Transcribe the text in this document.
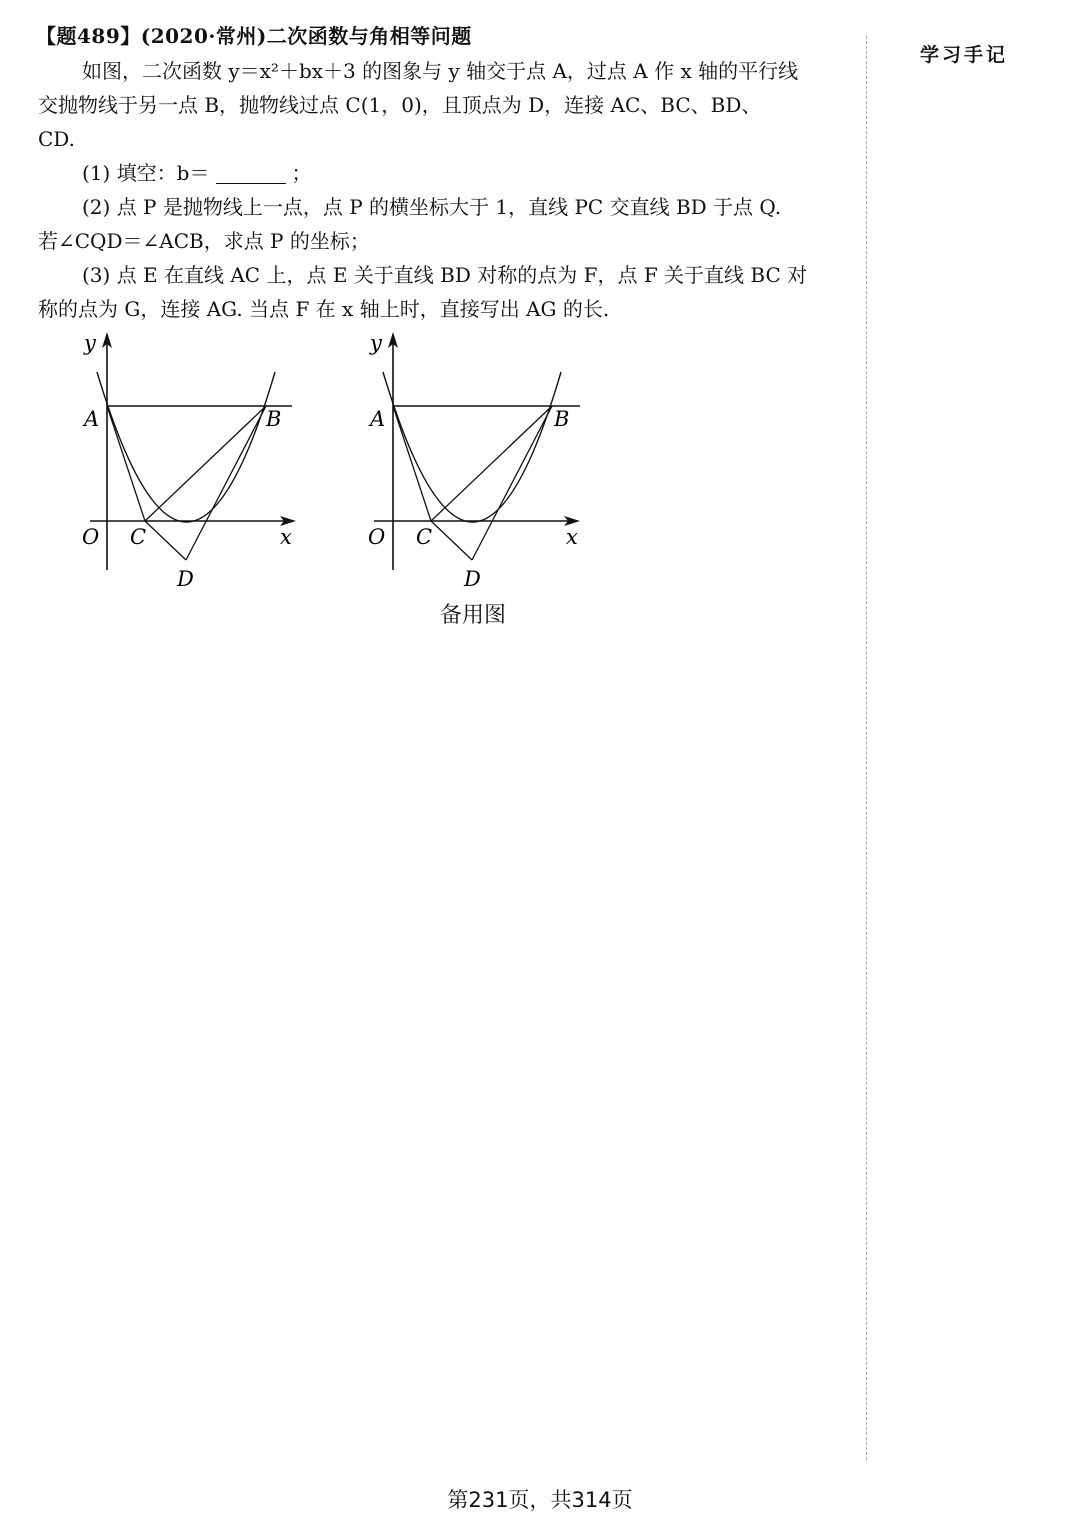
【题489】(2020·常州)二次函数与角相等问题

如图，二次函数 y＝x²＋bx＋3 的图象与 y 轴交于点 A，过点 A 作 x 轴的平行线

交抛物线于另一点 B，抛物线过点 C(1，0)，且顶点为 D，连接 AC、BC、BD、

CD.

(1) 填空：b＝	；

(2) 点 P 是抛物线上一点，点 P 的横坐标大于 1，直线 PC 交直线 BD 于点 Q.

若∠CQD＝∠ACB，求点 P 的坐标；

(3) 点 E 在直线 AC 上，点 E 关于直线 BD 对称的点为 F，点 F 关于直线 BC 对

称的点为 G，连接 AG. 当点 F 在 x 轴上时，直接写出 AG 的长.

y
A	B
O C	x
D
y
A	B
O C	x
D
备用图
学习手记
第231页，共314页
